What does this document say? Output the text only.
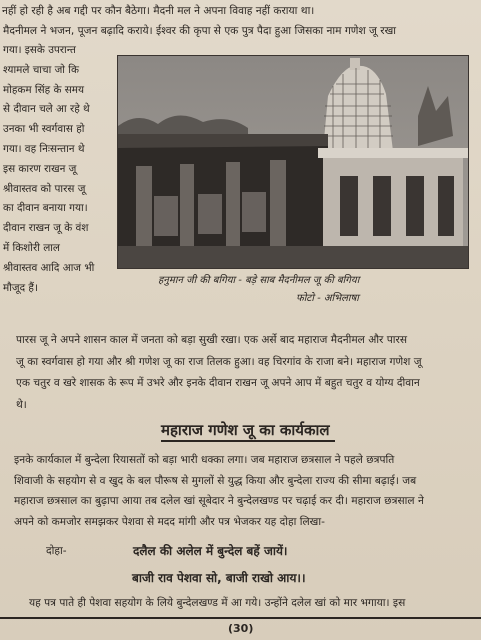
नहीं हो रही है अब गद्दी पर कौन बैठेगा। मैदनी मल ने अपना विवाह नहीं कराया था।
मैदनीमल ने भजन, पूजन बढ़ादि कराये। ईश्वर की कृपा से एक पुत्र पैदा हुआ जिसका नाम गणेश जू रखा
गया। इसके उपरान्त
श्यामले चाचा जो कि
मोहकम सिंह के समय
से दीवान चले आ रहे थे
उनका भी स्वर्गवास हो
गया। वह निःसन्तान थे
इस कारण राखन जू
श्रीवास्तव को पारस जू
का दीवान बनाया गया।
दीवान राखन जू के वंश
में किशोरी लाल
श्रीवास्तव आदि आज भी
मौजूद हैं।
हनुमान जी की बगिया - बड़े साब मैदनीमल जू की बगिया
फोटो - अभिलाषा
पारस जू ने अपने शासन काल में जनता को बड़ा सुखी रखा। एक अर्से बाद महाराज मैदनीमल और पारस
जू का स्वर्गवास हो गया और श्री गणेश जू का राज तिलक हुआ। वह चिरगांव के राजा बने। महाराज गणेश जू
एक चतुर व खरे शासक के रूप में उभरे और इनके दीवान राखन जू अपने आप में बहुत चतुर व योग्य दीवान
थे।
महाराज गणेश जू का कार्यकाल
इनके कार्यकाल में बुन्देला रियासतों को बड़ा भारी धक्का लगा। जब महाराज छत्रसाल ने पहले छत्रपति
शिवाजी के सहयोग से व खुद के बल पौरूष से मुगलों से युद्ध किया और बुन्देला राज्य की सीमा बढ़ाई। जब
महाराज छत्रसाल का बुढ़ापा आया तब दलेल खां सूबेदार ने बुन्देलखण्ड पर चढ़ाई कर दी। महाराज छत्रसाल ने
अपने को कमजोर समझकर पेशवा से मदद मांगी और पत्र भेजकर यह दोहा लिखा-
दोहा-	दलैल की अलेल में बुन्देल बहें जायें।
बाजी राव पेशवा सो, बाजी राखो आय।।
यह पत्र पाते ही पेशवा सहयोग के लिये बुन्देलखण्ड में आ गये। उन्होंने दलेल खां को मार भगाया। इस
(30)
